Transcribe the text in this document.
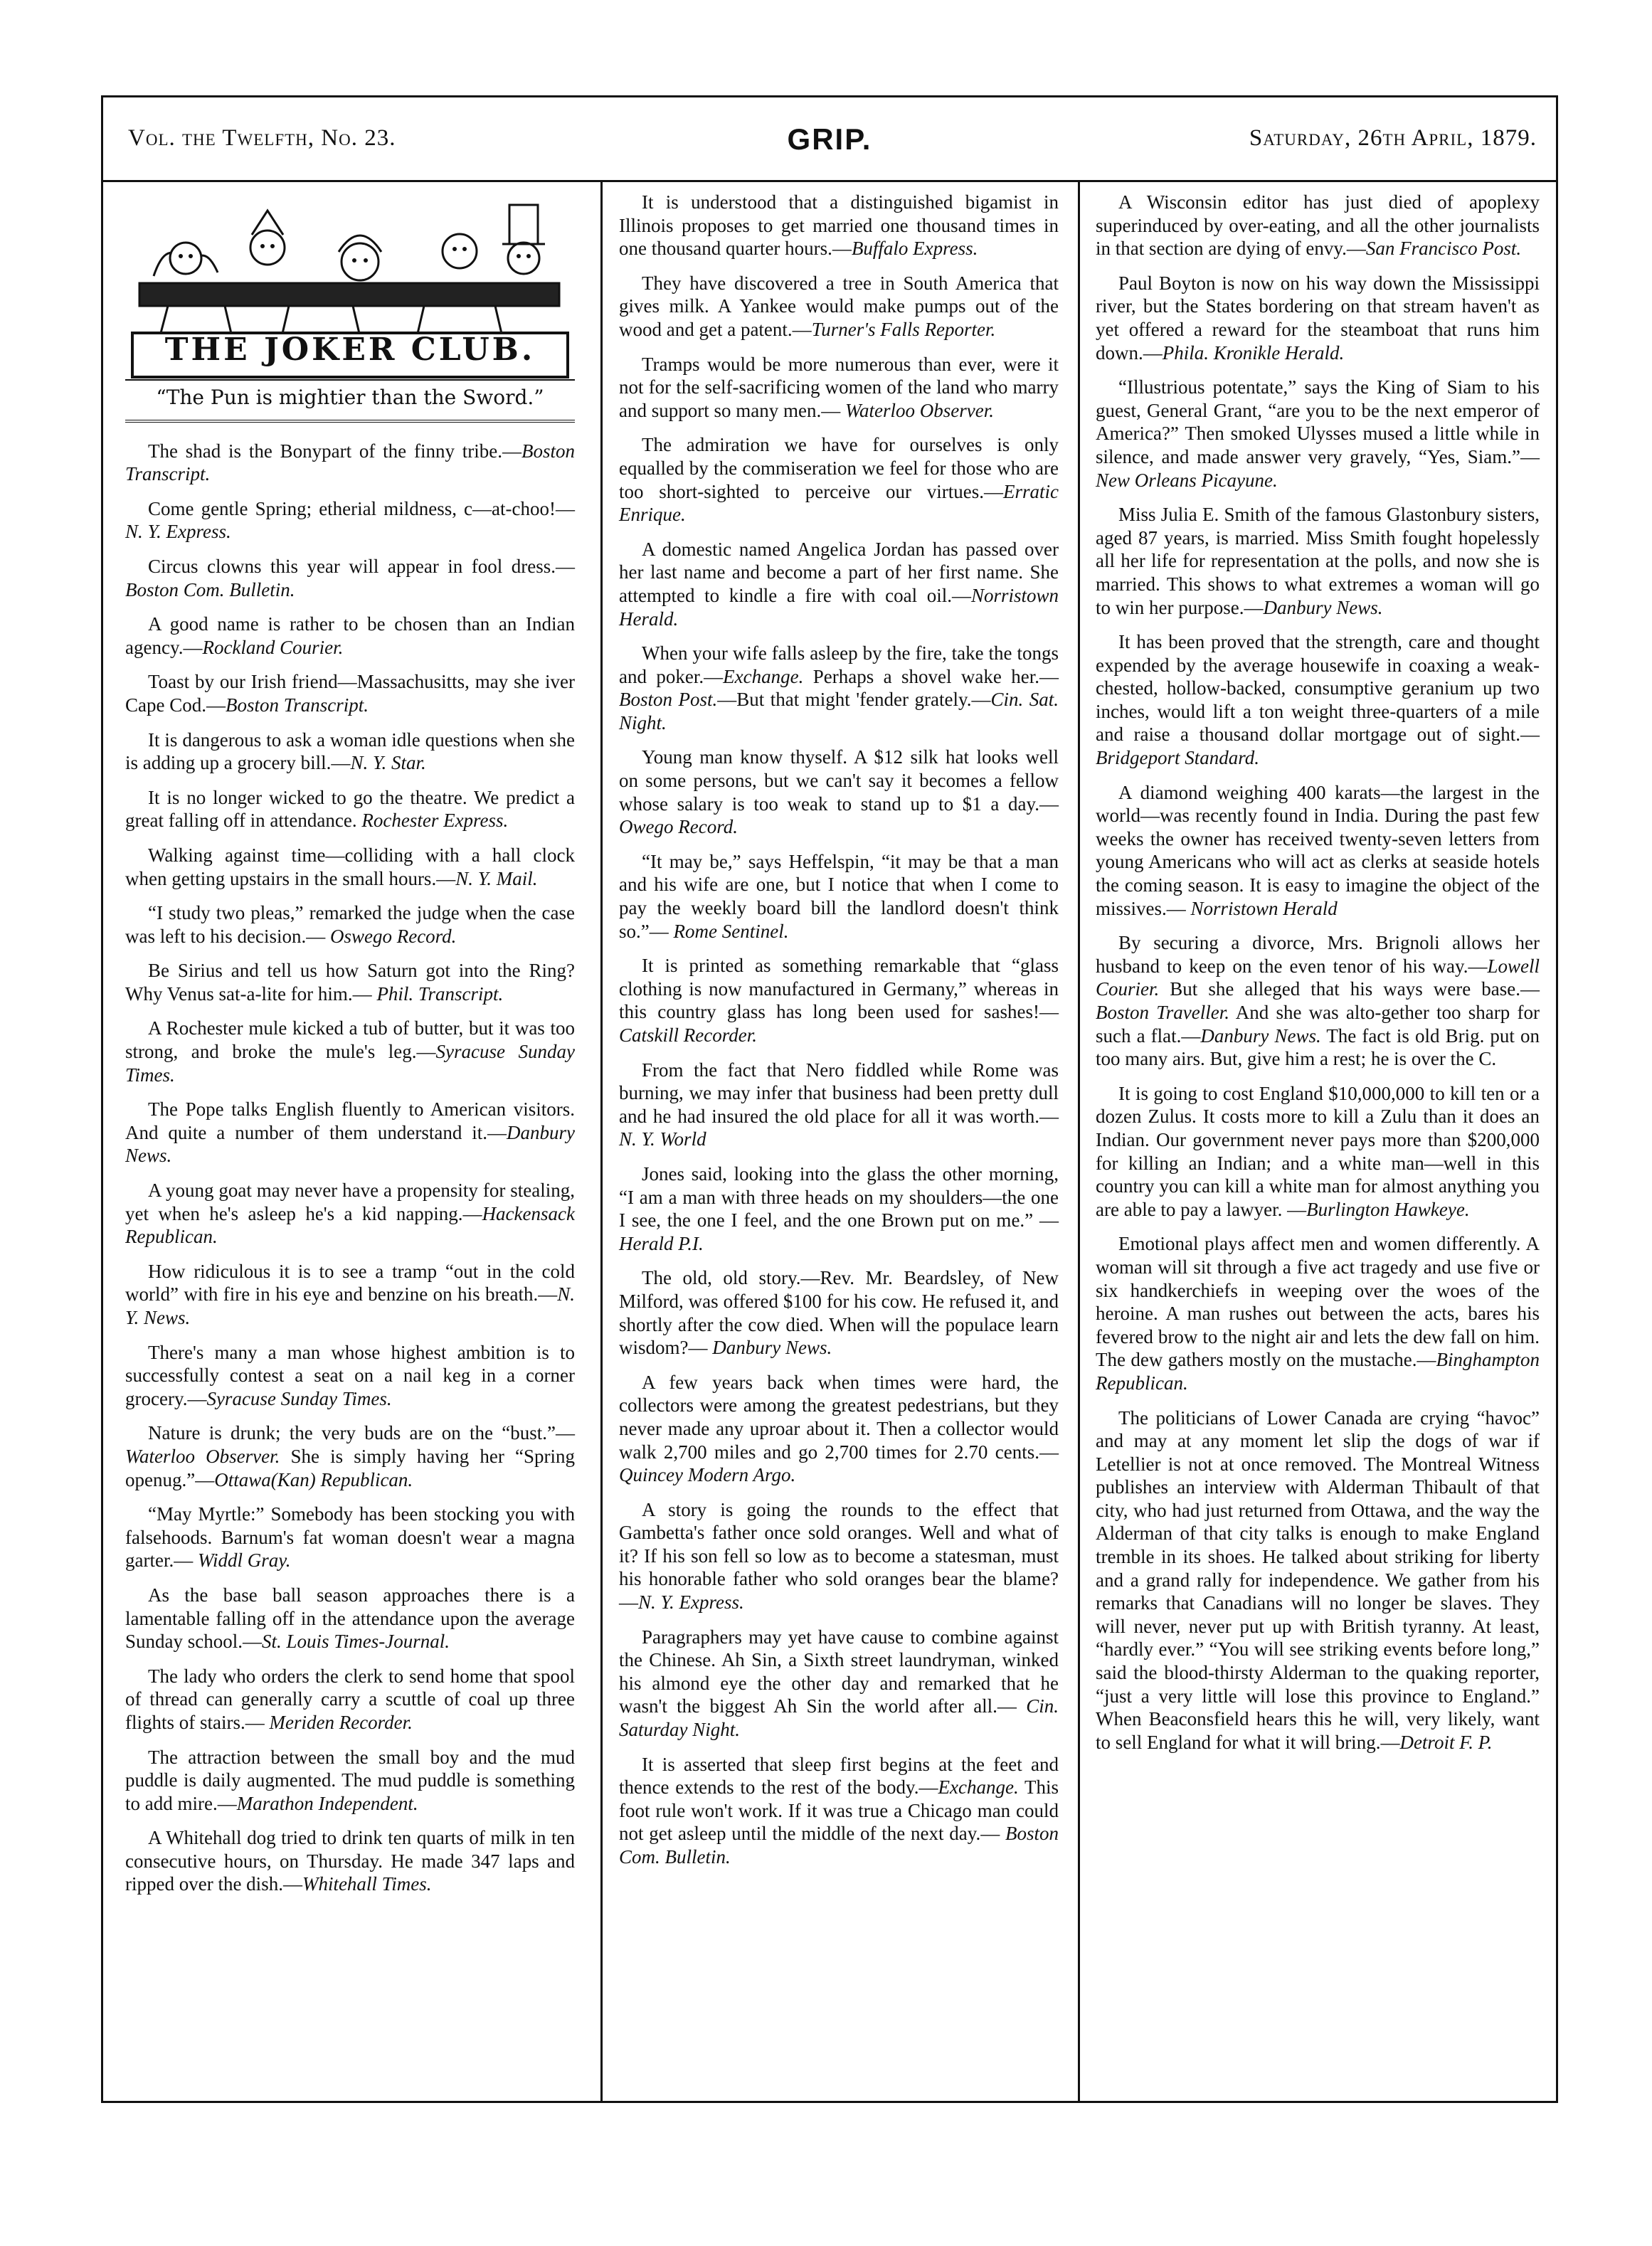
Vol. the Twelfth, No. 23.	GRIP.	Saturday, 26th April, 1879.
THE JOKER CLUB.
“The Pun is mightier than the Sword.”

The shad is the Bonypart of the finny tribe.—Boston Transcript.

Come gentle Spring; etherial mildness, c—at-choo!—N. Y. Express.

Circus clowns this year will appear in fool dress.—Boston Com. Bulletin.

A good name is rather to be chosen than an Indian agency.—Rockland Courier.

Toast by our Irish friend—Massachusitts, may she iver Cape Cod.—Boston Transcript.

It is dangerous to ask a woman idle questions when she is adding up a grocery bill.—N. Y. Star.

It is no longer wicked to go the theatre. We predict a great falling off in attendance. Rochester Express.

Walking against time—colliding with a hall clock when getting upstairs in the small hours.—N. Y. Mail.

“I study two pleas,” remarked the judge when the case was left to his decision.— Oswego Record.

Be Sirius and tell us how Saturn got into the Ring? Why Venus sat-a-lite for him.— Phil. Transcript.

A Rochester mule kicked a tub of butter, but it was too strong, and broke the mule's leg.—Syracuse Sunday Times.

The Pope talks English fluently to American visitors. And quite a number of them understand it.—Danbury News.

A young goat may never have a propensity for stealing, yet when he's asleep he's a kid napping.—Hackensack Republican.

How ridiculous it is to see a tramp “out in the cold world” with fire in his eye and benzine on his breath.—N. Y. News.

There's many a man whose highest ambition is to successfully contest a seat on a nail keg in a corner grocery.—Syracuse Sunday Times.

Nature is drunk; the very buds are on the “bust.”—Waterloo Observer. She is simply having her “Spring openug.”—Ottawa(Kan) Republican.

“May Myrtle:” Somebody has been stocking you with falsehoods. Barnum's fat woman doesn't wear a magna garter.— Widdl Gray.

As the base ball season approaches there is a lamentable falling off in the attendance upon the average Sunday school.—St. Louis Times-Journal.

The lady who orders the clerk to send home that spool of thread can generally carry a scuttle of coal up three flights of stairs.— Meriden Recorder.

The attraction between the small boy and the mud puddle is daily augmented. The mud puddle is something to add mire.—Marathon Independent.

A Whitehall dog tried to drink ten quarts of milk in ten consecutive hours, on Thursday. He made 347 laps and ripped over the dish.—Whitehall Times.

It is understood that a distinguished bigamist in Illinois proposes to get married one thousand times in one thousand quarter hours.—Buffalo Express.

They have discovered a tree in South America that gives milk. A Yankee would make pumps out of the wood and get a patent.—Turner's Falls Reporter.

Tramps would be more numerous than ever, were it not for the self-sacrificing women of the land who marry and support so many men.— Waterloo Observer.

The admiration we have for ourselves is only equalled by the commiseration we feel for those who are too short-sighted to perceive our virtues.—Erratic Enrique.

A domestic named Angelica Jordan has passed over her last name and become a part of her first name. She attempted to kindle a fire with coal oil.—Norristown Herald.

When your wife falls asleep by the fire, take the tongs and poker.—Exchange. Perhaps a shovel wake her.—Boston Post.—But that might 'fender grately.—Cin. Sat. Night.

Young man know thyself. A $12 silk hat looks well on some persons, but we can't say it becomes a fellow whose salary is too weak to stand up to $1 a day.—Owego Record.

“It may be,” says Heffelspin, “it may be that a man and his wife are one, but I notice that when I come to pay the weekly board bill the landlord doesn't think so.”— Rome Sentinel.

It is printed as something remarkable that “glass clothing is now manufactured in Germany,” whereas in this country glass has long been used for sashes!—Catskill Recorder.

From the fact that Nero fiddled while Rome was burning, we may infer that business had been pretty dull and he had insured the old place for all it was worth.—N. Y. World

Jones said, looking into the glass the other morning, “I am a man with three heads on my shoulders—the one I see, the one I feel, and the one Brown put on me.” —Herald P.I.

The old, old story.—Rev. Mr. Beardsley, of New Milford, was offered $100 for his cow. He refused it, and shortly after the cow died. When will the populace learn wisdom?— Danbury News.

A few years back when times were hard, the collectors were among the greatest pedestrians, but they never made any uproar about it. Then a collector would walk 2,700 miles and go 2,700 times for 2.70 cents.—Quincey Modern Argo.

A story is going the rounds to the effect that Gambetta's father once sold oranges. Well and what of it? If his son fell so low as to become a statesman, must his honorable father who sold oranges bear the blame? —N. Y. Express.

Paragraphers may yet have cause to combine against the Chinese. Ah Sin, a Sixth street laundryman, winked his almond eye the other day and remarked that he wasn't the biggest Ah Sin the world after all.— Cin. Saturday Night.

It is asserted that sleep first begins at the feet and thence extends to the rest of the body.—Exchange. This foot rule won't work. If it was true a Chicago man could not get asleep until the middle of the next day.— Boston Com. Bulletin.

A Wisconsin editor has just died of apoplexy superinduced by over-eating, and all the other journalists in that section are dying of envy.—San Francisco Post.

Paul Boyton is now on his way down the Mississippi river, but the States bordering on that stream haven't as yet offered a reward for the steamboat that runs him down.—Phila. Kronikle Herald.

“Illustrious potentate,” says the King of Siam to his guest, General Grant, “are you to be the next emperor of America?” Then smoked Ulysses mused a little while in silence, and made answer very gravely, “Yes, Siam.”—New Orleans Picayune.

Miss Julia E. Smith of the famous Glastonbury sisters, aged 87 years, is married. Miss Smith fought hopelessly all her life for representation at the polls, and now she is married. This shows to what extremes a woman will go to win her purpose.—Danbury News.

It has been proved that the strength, care and thought expended by the average housewife in coaxing a weak-chested, hollow-backed, consumptive geranium up two inches, would lift a ton weight three-quarters of a mile and raise a thousand dollar mortgage out of sight.—Bridgeport Standard.

A diamond weighing 400 karats—the largest in the world—was recently found in India. During the past few weeks the owner has received twenty-seven letters from young Americans who will act as clerks at seaside hotels the coming season. It is easy to imagine the object of the missives.— Norristown Herald

By securing a divorce, Mrs. Brignoli allows her husband to keep on the even tenor of his way.—Lowell Courier. But she alleged that his ways were base.—Boston Traveller. And she was alto-gether too sharp for such a flat.—Danbury News. The fact is old Brig. put on too many airs. But, give him a rest; he is over the C.

It is going to cost England $10,000,000 to kill ten or a dozen Zulus. It costs more to kill a Zulu than it does an Indian. Our government never pays more than $200,000 for killing an Indian; and a white man—well in this country you can kill a white man for almost anything you are able to pay a lawyer. —Burlington Hawkeye.

Emotional plays affect men and women differently. A woman will sit through a five act tragedy and use five or six handkerchiefs in weeping over the woes of the heroine. A man rushes out between the acts, bares his fevered brow to the night air and lets the dew fall on him. The dew gathers mostly on the mustache.—Binghampton Republican.

The politicians of Lower Canada are crying “havoc” and may at any moment let slip the dogs of war if Letellier is not at once removed. The Montreal Witness publishes an interview with Alderman Thibault of that city, who had just returned from Ottawa, and the way the Alderman of that city talks is enough to make England tremble in its shoes. He talked about striking for liberty and a grand rally for independence. We gather from his remarks that Canadians will no longer be slaves. They will never, never put up with British tyranny. At least, “hardly ever.” “You will see striking events before long,” said the blood-thirsty Alderman to the quaking reporter, “just a very little will lose this province to England.” When Beaconsfield hears this he will, very likely, want to sell England for what it will bring.—Detroit F. P.
